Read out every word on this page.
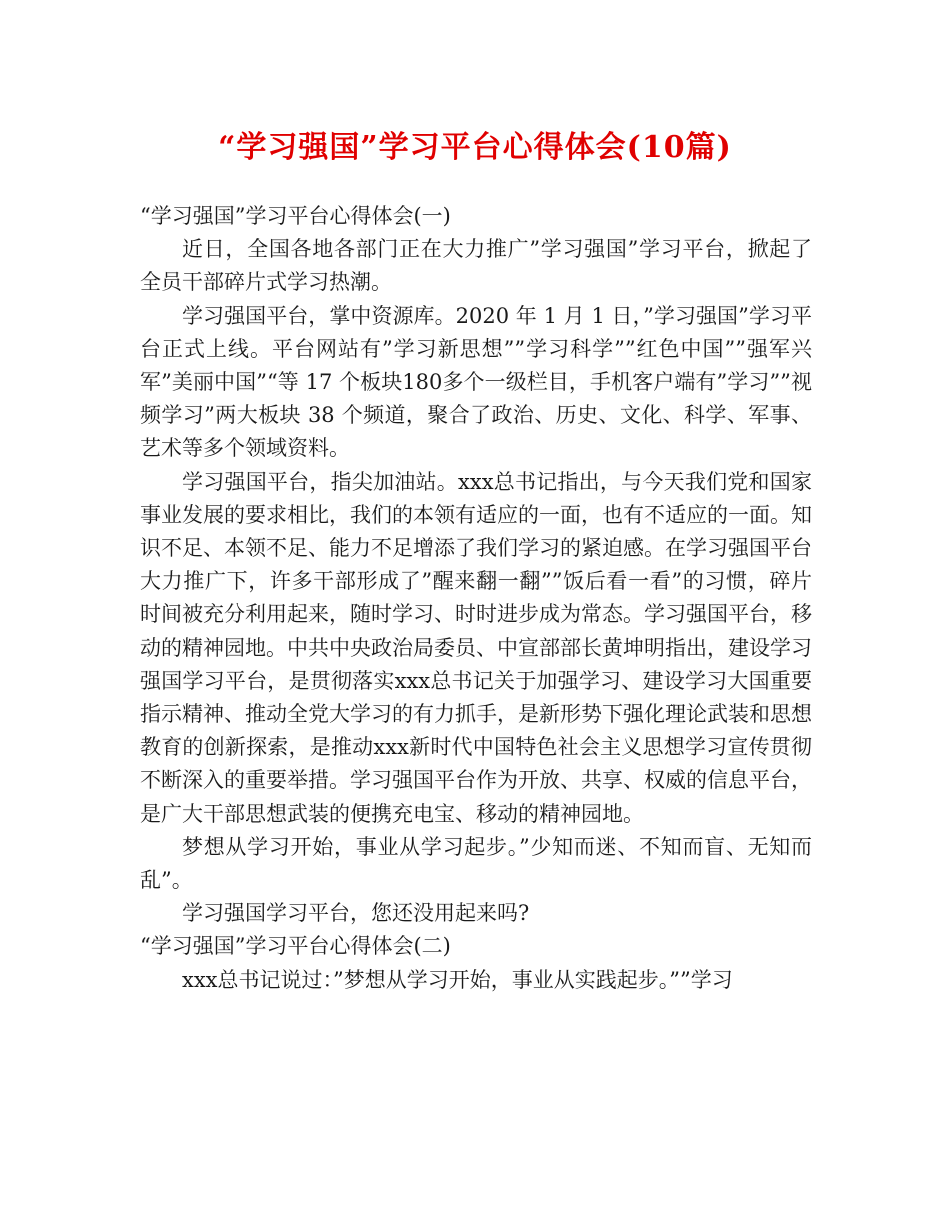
“学习强国”学习平台心得体会(10篇)

“学习强国”学习平台心得体会(一)

近日，全国各地各部门正在大力推广”学习强国”学习平台，掀起了全员干部碎片式学习热潮。

学习强国平台，掌中资源库。2020 年 1 月 1 日，”学习强国”学习平台正式上线。平台网站有”学习新思想””学习科学””红色中国””强军兴军”美丽中国”“等 17 个板块180多个一级栏目，手机客户端有”学习””视频学习”两大板块 38 个频道，聚合了政治、历史、文化、科学、军事、艺术等多个领域资料。

学习强国平台，指尖加油站。xxx总书记指出，与今天我们党和国家事业发展的要求相比，我们的本领有适应的一面，也有不适应的一面。知识不足、本领不足、能力不足增添了我们学习的紧迫感。在学习强国平台大力推广下，许多干部形成了”醒来翻一翻””饭后看一看”的习惯，碎片时间被充分利用起来，随时学习、时时进步成为常态。学习强国平台，移动的精神园地。中共中央政治局委员、中宣部部长黄坤明指出，建设学习强国学习平台，是贯彻落实xxx总书记关于加强学习、建设学习大国重要指示精神、推动全党大学习的有力抓手，是新形势下强化理论武装和思想教育的创新探索，是推动xxx新时代中国特色社会主义思想学习宣传贯彻不断深入的重要举措。学习强国平台作为开放、共享、权威的信息平台，是广大干部思想武装的便携充电宝、移动的精神园地。

梦想从学习开始，事业从学习起步。”少知而迷、不知而盲、无知而乱”。

学习强国学习平台，您还没用起来吗?

“学习强国”学习平台心得体会(二)

xxx总书记说过：”梦想从学习开始，事业从实践起步。””学习
